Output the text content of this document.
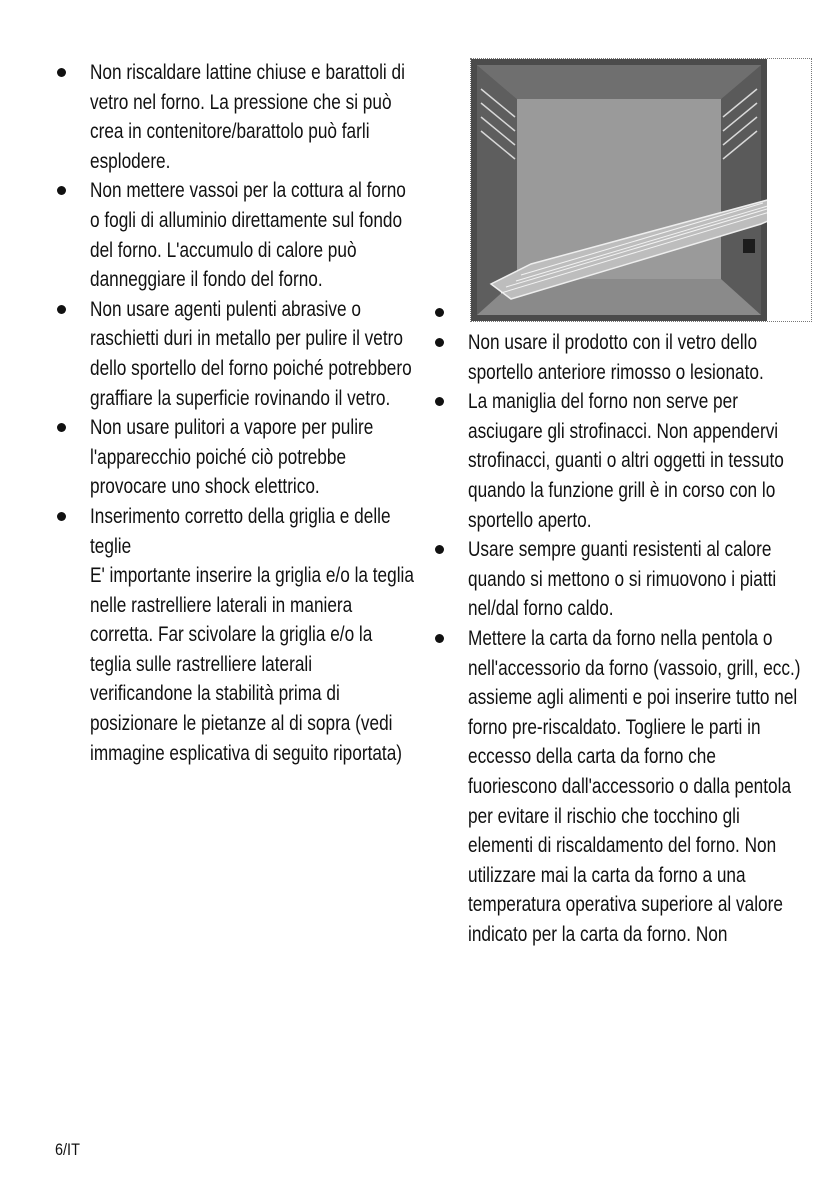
Non riscaldare lattine chiuse e barattoli di vetro nel forno. La pressione che si può crea in contenitore/barattolo può farli esplodere.
Non mettere vassoi per la cottura al forno o fogli di alluminio direttamente sul fondo del forno. L'accumulo di calore può danneggiare il fondo del forno.
Non usare agenti pulenti abrasive o raschietti duri in metallo per pulire il vetro dello sportello del forno poiché potrebbero graffiare la superficie rovinando il vetro.
Non usare pulitori a vapore per pulire l'apparecchio poiché ciò potrebbe provocare uno shock elettrico.
Inserimento corretto della griglia e delle teglie
E' importante inserire la griglia e/o la teglia nelle rastrelliere laterali in maniera corretta. Far scivolare la griglia e/o la teglia sulle rastrelliere laterali verificandone la stabilità prima di posizionare le pietanze al di sopra (vedi immagine esplicativa di seguito riportata)
Non usare il prodotto con il vetro dello sportello anteriore rimosso o lesionato.
La maniglia del forno non serve per asciugare gli strofinacci. Non appendervi strofinacci, guanti o altri oggetti in tessuto quando la funzione grill è in corso con lo sportello aperto.
Usare sempre guanti resistenti al calore quando si mettono o si rimuovono i piatti nel/dal forno caldo.
Mettere la carta da forno nella pentola o nell'accessorio da forno (vassoio, grill, ecc.) assieme agli alimenti e poi inserire tutto nel forno pre-riscaldato. Togliere le parti in eccesso della carta da forno che fuoriescono dall'accessorio o dalla pentola per evitare il rischio che tocchino gli elementi di riscaldamento del forno. Non utilizzare mai la carta da forno a una temperatura operativa superiore al valore indicato per la carta da forno. Non
6/IT
